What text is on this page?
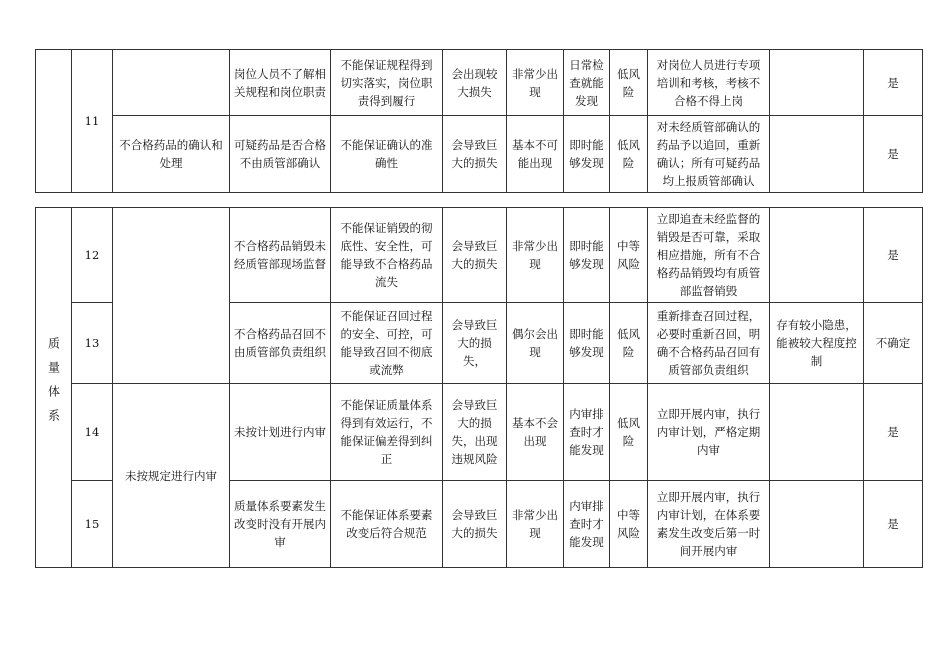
	11		岗位人员不了解相关规程和岗位职责	不能保证规程得到切实落实，岗位职责得到履行	会出现较大损失	非常少出现	日常检查就能发现	低风险	对岗位人员进行专项培训和考核，考核不合格不得上岗		是
		不合格药品的确认和处理	可疑药品是否合格不由质管部确认	不能保证确认的准确性	会导致巨大的损失	基本不可能出现	即时能够发现	低风险	对未经质管部确认的药品予以追回，重新确认；所有可疑药品均上报质管部确认		是
质量体系	12		不合格药品销毁未经质管部现场监督	不能保证销毁的彻底性、安全性，可能导致不合格药品流失	会导致巨大的损失	非常少出现	即时能够发现	中等风险	立即追查未经监督的销毁是否可靠，采取相应措施，所有不合格药品销毁均有质管部监督销毁		是
	13		不合格药品召回不由质管部负责组织	不能保证召回过程的安全、可控，可能导致召回不彻底或流弊	会导致巨大的损失，	偶尔会出现	即时能够发现	低风险	重新排查召回过程，必要时重新召回，明确不合格药品召回有质管部负责组织	存有较小隐患，能被较大程度控制	不确定
	14	未按规定进行内审	未按计划进行内审	不能保证质量体系得到有效运行，不能保证偏差得到纠正	会导致巨大的损失，出现违规风险	基本不会出现	内审排查时才能发现	低风险	立即开展内审，执行内审计划，严格定期内审		是
	15		质量体系要素发生改变时没有开展内审	不能保证体系要素改变后符合规范	会导致巨大的损失	非常少出现	内审排查时才能发现	中等风险	立即开展内审，执行内审计划，在体系要素发生改变后第一时间开展内审		是
